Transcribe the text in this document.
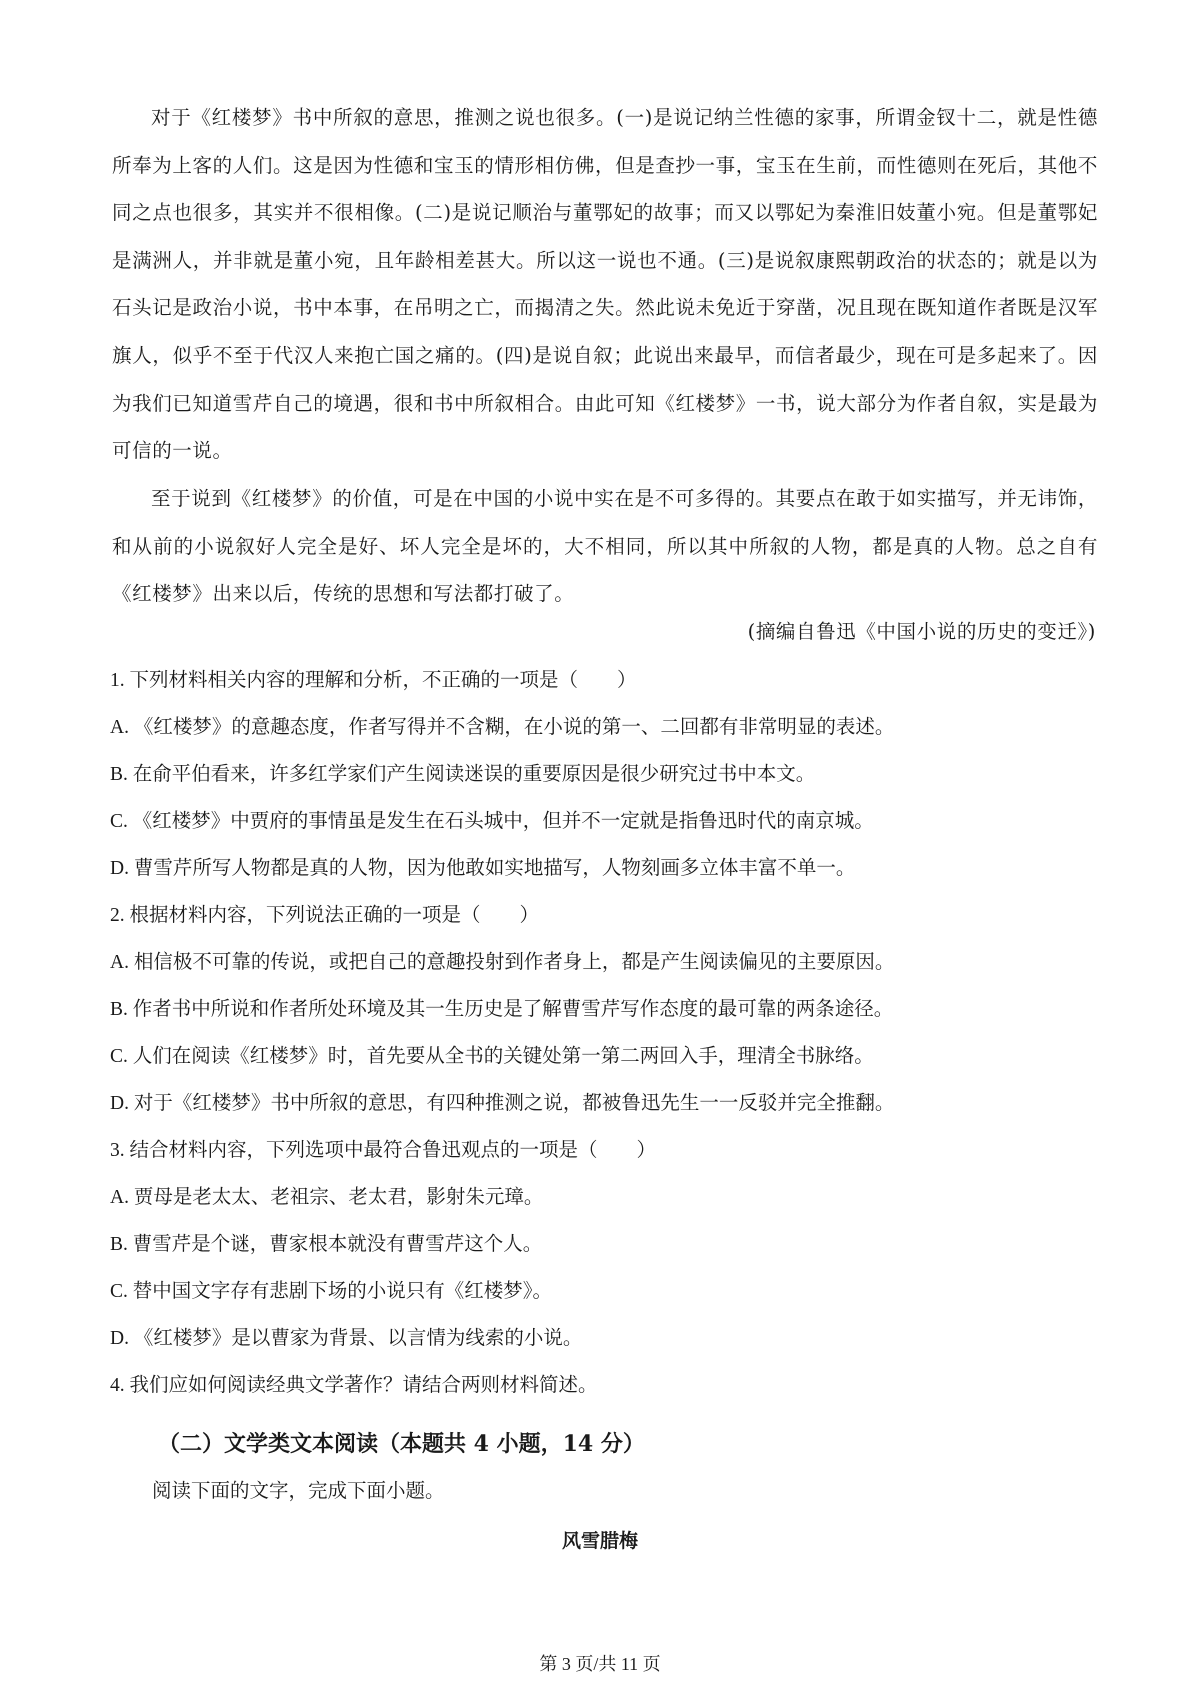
对于《红楼梦》书中所叙的意思，推测之说也很多。(一)是说记纳兰性德的家事，所谓金钗十二，就是性德所奉为上客的人们。这是因为性德和宝玉的情形相仿佛，但是查抄一事，宝玉在生前，而性德则在死后，其他不同之点也很多，其实并不很相像。(二)是说记顺治与董鄂妃的故事；而又以鄂妃为秦淮旧妓董小宛。但是董鄂妃是满洲人，并非就是董小宛，且年龄相差甚大。所以这一说也不通。(三)是说叙康熙朝政治的状态的；就是以为石头记是政治小说，书中本事，在吊明之亡，而揭清之失。然此说未免近于穿凿，况且现在既知道作者既是汉军旗人，似乎不至于代汉人来抱亡国之痛的。(四)是说自叙；此说出来最早，而信者最少，现在可是多起来了。因为我们已知道雪芹自己的境遇，很和书中所叙相合。由此可知《红楼梦》一书，说大部分为作者自叙，实是最为可信的一说。

至于说到《红楼梦》的价值，可是在中国的小说中实在是不可多得的。其要点在敢于如实描写，并无讳饰，和从前的小说叙好人完全是好、坏人完全是坏的，大不相同，所以其中所叙的人物，都是真的人物。总之自有《红楼梦》出来以后，传统的思想和写法都打破了。

(摘编自鲁迅《中国小说的历史的变迁》)
1. 下列材料相关内容的理解和分析，不正确的一项是（　　）
A. 《红楼梦》的意趣态度，作者写得并不含糊，在小说的第一、二回都有非常明显的表述。
B. 在俞平伯看来，许多红学家们产生阅读迷误的重要原因是很少研究过书中本文。
C. 《红楼梦》中贾府的事情虽是发生在石头城中，但并不一定就是指鲁迅时代的南京城。
D. 曹雪芹所写人物都是真的人物，因为他敢如实地描写，人物刻画多立体丰富不单一。
2. 根据材料内容，下列说法正确的一项是（　　）
A. 相信极不可靠的传说，或把自己的意趣投射到作者身上，都是产生阅读偏见的主要原因。
B. 作者书中所说和作者所处环境及其一生历史是了解曹雪芹写作态度的最可靠的两条途径。
C. 人们在阅读《红楼梦》时，首先要从全书的关键处第一第二两回入手，理清全书脉络。
D. 对于《红楼梦》书中所叙的意思，有四种推测之说，都被鲁迅先生一一反驳并完全推翻。
3. 结合材料内容，下列选项中最符合鲁迅观点的一项是（　　）
A. 贾母是老太太、老祖宗、老太君，影射朱元璋。
B. 曹雪芹是个谜，曹家根本就没有曹雪芹这个人。
C. 替中国文字存有悲剧下场的小说只有《红楼梦》。
D. 《红楼梦》是以曹家为背景、以言情为线索的小说。
4. 我们应如何阅读经典文学著作？请结合两则材料简述。
（二）文学类文本阅读（本题共 4 小题，14 分）
阅读下面的文字，完成下面小题。
风雪腊梅
第 3 页/共 11 页
